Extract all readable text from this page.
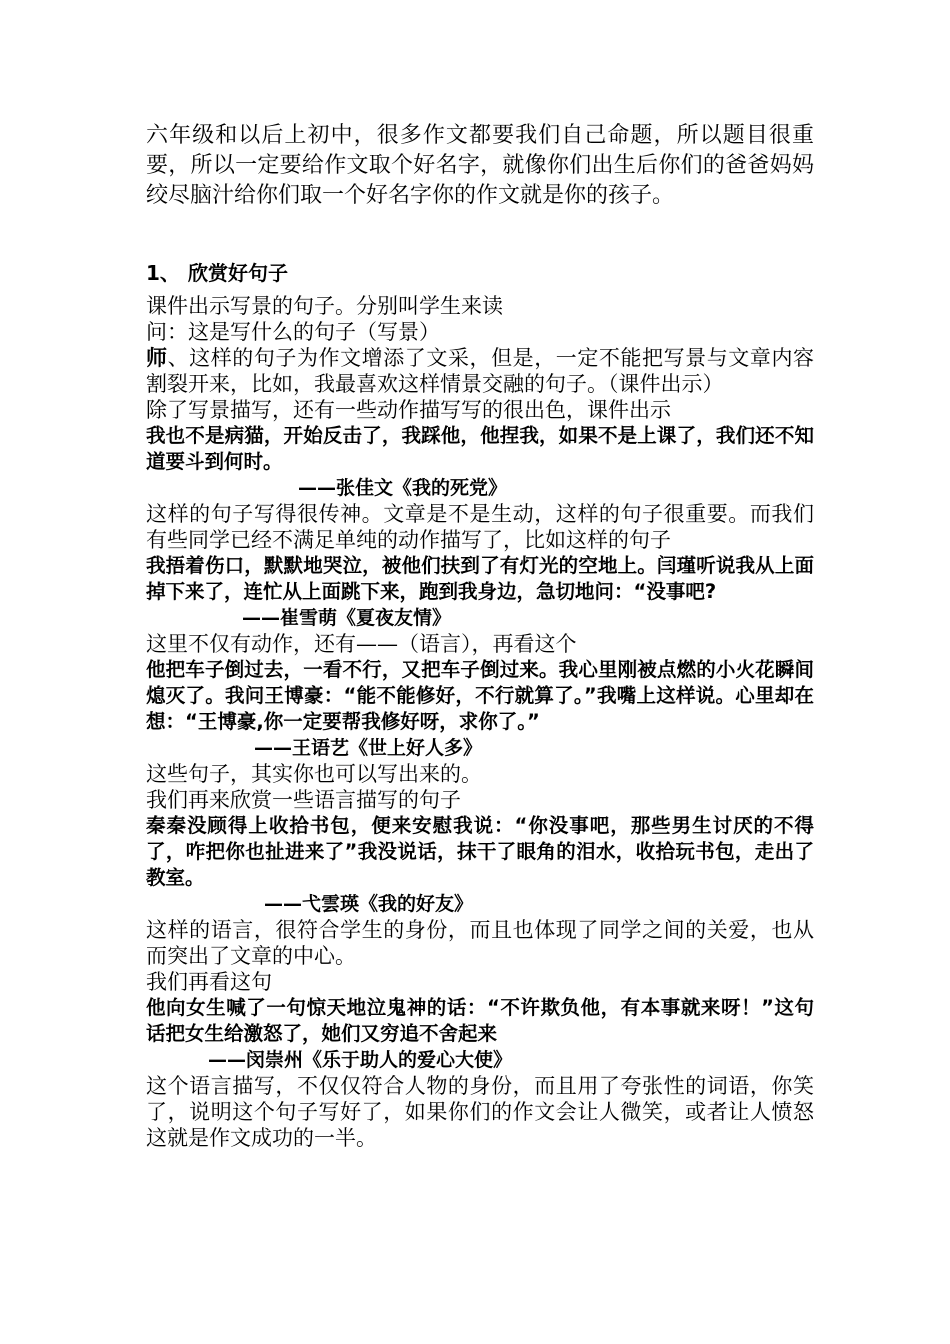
六年级和以后上初中，很多作文都要我们自己命题，所以题目很重要，所以一定要给作文取个好名字，就像你们出生后你们的爸爸妈妈绞尽脑汁给你们取一个好名字你的作文就是你的孩子。

1、 欣赏好句子

课件出示写景的句子。分别叫学生来读

问：这是写什么的句子（写景）

师、这样的句子为作文增添了文采，但是，一定不能把写景与文章内容割裂开来，比如，我最喜欢这样情景交融的句子。（课件出示）

除了写景描写，还有一些动作描写写的很出色，课件出示

我也不是病猫，开始反击了，我踩他，他捏我，如果不是上课了，我们还不知道要斗到何时。

——张佳文《我的死党》

这样的句子写得很传神。文章是不是生动，这样的句子很重要。而我们有些同学已经不满足单纯的动作描写了，比如这样的句子

我捂着伤口，默默地哭泣，被他们扶到了有灯光的空地上。闫瑾听说我从上面掉下来了，连忙从上面跳下来，跑到我身边，急切地问：“没事吧?

——崔雪萌《夏夜友情》

这里不仅有动作，还有——（语言），再看这个

他把车子倒过去，一看不行，又把车子倒过来。我心里刚被点燃的小火花瞬间熄灭了。我问王博豪：“能不能修好，不行就算了。”我嘴上这样说。心里却在想：“王博豪,你一定要帮我修好呀，求你了。”

——王语艺《世上好人多》

这些句子，其实你也可以写出来的。

我们再来欣赏一些语言描写的句子

秦秦没顾得上收拾书包，便来安慰我说：“你没事吧，那些男生讨厌的不得了，咋把你也扯进来了”我没说话，抹干了眼角的泪水，收拾玩书包，走出了教室。

——弋雲瑛《我的好友》

这样的语言，很符合学生的身份，而且也体现了同学之间的关爱，也从而突出了文章的中心。

我们再看这句

他向女生喊了一句惊天地泣鬼神的话：“不许欺负他，有本事就来呀！”这句话把女生给激怒了，她们又穷追不舍起来

——闵崇州《乐于助人的爱心大使》

这个语言描写，不仅仅符合人物的身份，而且用了夸张性的词语，你笑了，说明这个句子写好了，如果你们的作文会让人微笑，或者让人愤怒 这就是作文成功的一半。
